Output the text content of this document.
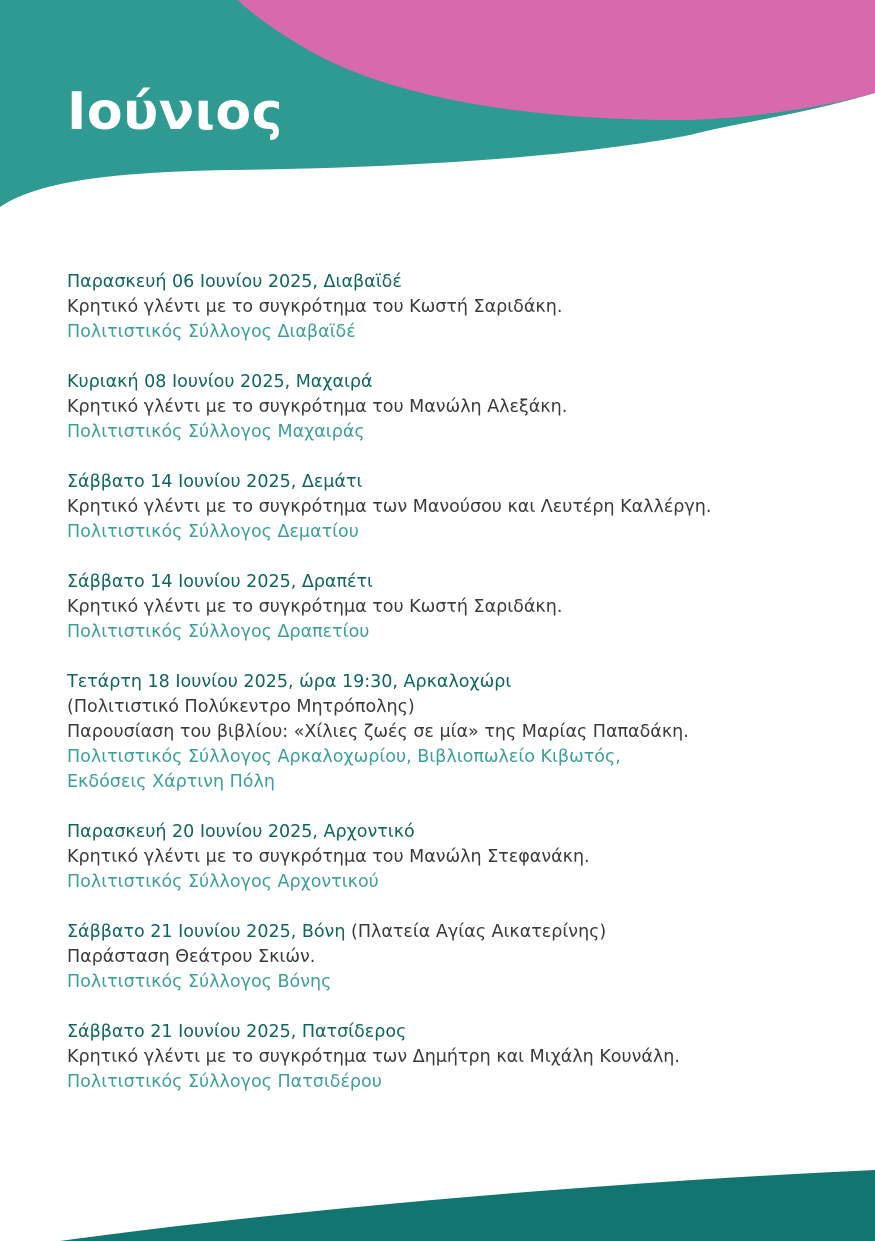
Ιούνιος
Παρασκευή 06 Ιουνίου 2025, Διαβαϊδέ
Κρητικό γλέντι με το συγκρότημα του Κωστή Σαριδάκη.
Πολιτιστικός Σύλλογος Διαβαϊδέ
Κυριακή 08 Ιουνίου 2025, Μαχαιρά
Κρητικό γλέντι με το συγκρότημα του Μανώλη Αλεξάκη.
Πολιτιστικός Σύλλογος Μαχαιράς
Σάββατο 14 Ιουνίου 2025, Δεμάτι
Κρητικό γλέντι με το συγκρότημα των Μανούσου και Λευτέρη Καλλέργη.
Πολιτιστικός Σύλλογος Δεματίου
Σάββατο 14 Ιουνίου 2025, Δραπέτι
Κρητικό γλέντι με το συγκρότημα του Κωστή Σαριδάκη.
Πολιτιστικός Σύλλογος Δραπετίου
Τετάρτη 18 Ιουνίου 2025, ώρα 19:30, Αρκαλοχώρι
(Πολιτιστικό Πολύκεντρο Μητρόπολης)
Παρουσίαση του βιβλίου: «Χίλιες ζωές σε μία» της Μαρίας Παπαδάκη.
Πολιτιστικός Σύλλογος Αρκαλοχωρίου, Βιβλιοπωλείο Κιβωτός,
Εκδόσεις Χάρτινη Πόλη
Παρασκευή 20 Ιουνίου 2025, Αρχοντικό
Κρητικό γλέντι με το συγκρότημα του Μανώλη Στεφανάκη.
Πολιτιστικός Σύλλογος Αρχοντικού
Σάββατο 21 Ιουνίου 2025, Βόνη (Πλατεία Αγίας Αικατερίνης)
Παράσταση Θεάτρου Σκιών.
Πολιτιστικός Σύλλογος Βόνης
Σάββατο 21 Ιουνίου 2025, Πατσίδερος
Κρητικό γλέντι με το συγκρότημα των Δημήτρη και Μιχάλη Κουνάλη.
Πολιτιστικός Σύλλογος Πατσιδέρου
